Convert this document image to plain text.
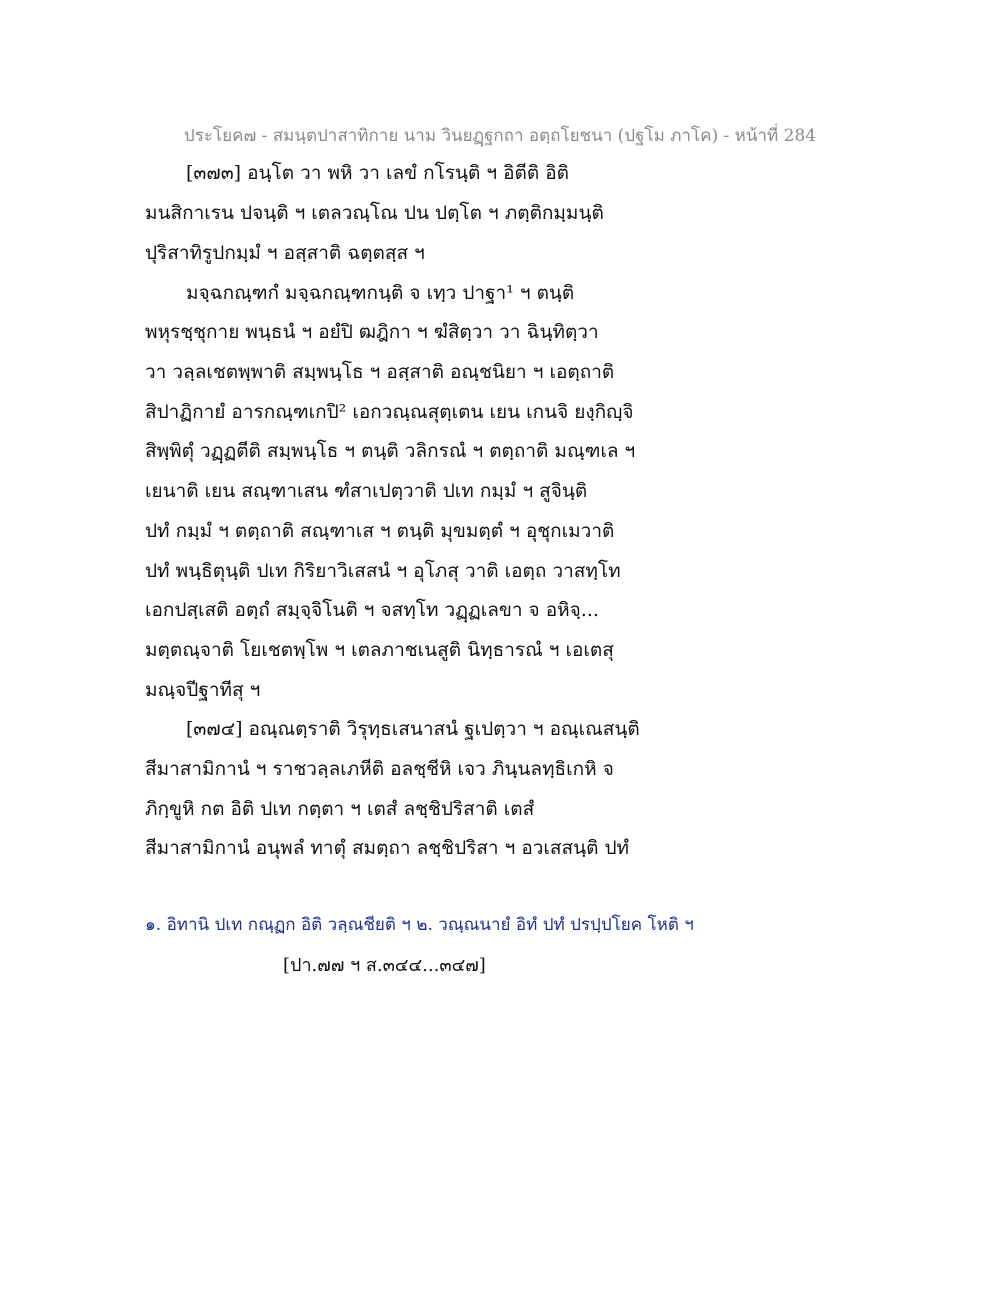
ประโยค๗ - สมนฺตปาสาทิกาย นาม วินยฏฺฐกถา อตฺถโยชนา (ปฐโม ภาโค) - หน้าที่ 284
[๓๗๓] อนฺโต วา พหิ วา เลขํ กโรนฺติ ฯ อิตีติ อิติ
มนสิกาเรน ปจนฺติ ฯ เตลวณฺโณ ปน ปตฺโต ฯ ภตฺติกมฺมนฺติ
ปุริสาทิรูปกมฺมํ ฯ อสฺสาติ ฉตฺตสฺส ฯ
มจฺฉกณฺฑกํ มจฺฉกณฺฑกนฺติ จ เทฺว ปาฐา¹ ฯ ตนฺติ
พหุรชฺชุกาย พนฺธนํ ฯ อยํปิ ฒฎิกา ฯ ฆํสิตฺวา วา ฉินฺทิตฺวา
วา วลฺลเชตพฺพาติ สมฺพนฺโธ ฯ อสฺสาติ อณฺชนิยา ฯ เอตฺถาติ
สิปาฏิกายํ อารกณฺฑเกปิ² เอกวณฺณสุตฺเตน เยน เกนจิ ยงฺกิญฺจิ
สิพฺพิตุํ วฏฺฏตีติ สมฺพนฺโธ ฯ ตนฺติ วลิกรณํ ฯ ตตฺถาติ มณฺฑเล ฯ
เยนาติ เยน สณฺฑาเสน ฑํสาเปตฺวาติ ปเท กมฺมํ ฯ สูจินฺติ
ปทํ กมฺมํ ฯ ตตฺถาติ สณฺฑาเส ฯ ตนฺติ มุขมตฺตํ ฯ อุชุกเมวาติ
ปทํ พนฺธิตุนฺติ ปเท กิริยาวิเสสนํ ฯ อุโภสุ วาติ เอตฺถ วาสทฺโท
เอกปสฺเสติ อตฺถํ สมฺจฺจิโนติ ฯ จสทฺโท วฏฺฏเลขา จ อหิจฺ...
มตฺตณฺจาติ โยเชตพฺโพ ฯ เตลภาชเนสูติ นิทฺธารณํ ฯ เอเตสุ
มณฺจปีฐาทีสุ ฯ
[๓๗๔] อณฺณตฺราติ วิรุทฺธเสนาสนํ ฐเปตฺวา ฯ อณฺเณสนฺติ
สีมาสามิกานํ ฯ ราชวลฺลเภหีติ อลชฺชีหิ เจว ภินฺนลทฺธิเกหิ จ
ภิกฺขูหิ กต อิติ ปเท กตฺตา ฯ เตสํ ลชฺชิปริสาติ เตสํ
สีมาสามิกานํ อนุพลํ ทาตุํ สมตฺถา ลชฺชิปริสา ฯ อวเสสนฺติ ปทํ
๑. อิทานิ ปเท กณฺฏก อิติ วลฺณชียติ ฯ ๒. วณฺณนายํ อิทํ ปทํ ปรปฺปโยค โหติ ฯ
[ปา.๗๗ ฯ ส.๓๔๔...๓๔๗]
